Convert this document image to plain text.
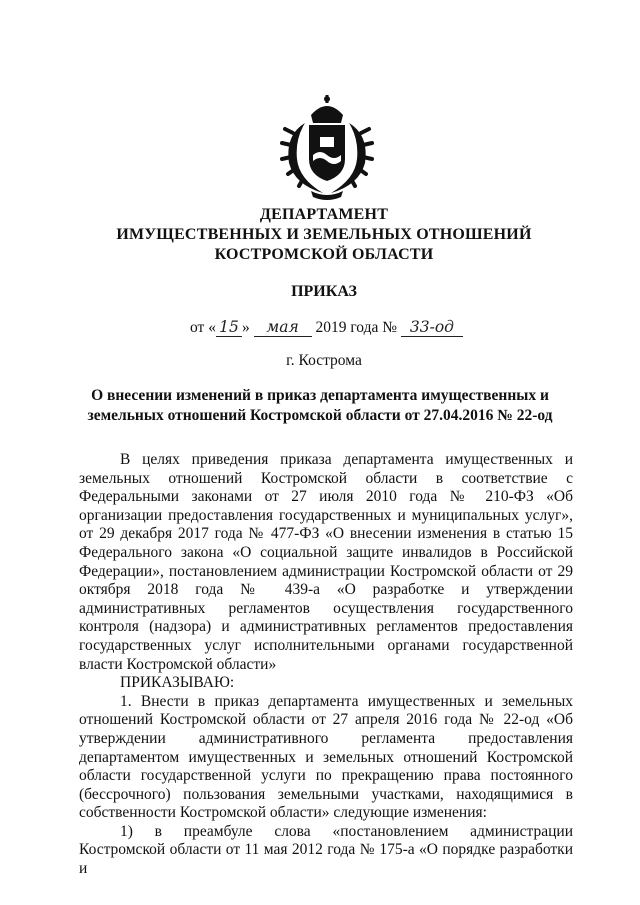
ДЕПАРТАМЕНТ
ИМУЩЕСТВЕННЫХ И ЗЕМЕЛЬНЫХ ОТНОШЕНИЙ
КОСТРОМСКОЙ ОБЛАСТИ
ПРИКАЗ
от « 15 » мая 2019 года № 33-од
г. Кострома
О внесении изменений в приказ департамента имущественных и земельных отношений Костромской области от 27.04.2016 № 22-од

В целях приведения приказа департамента имущественных и земельных отношений Костромской области в соответствие с Федеральными законами от 27 июля 2010 года № 210-ФЗ «Об организации предоставления государственных и муниципальных услуг», от 29 декабря 2017 года № 477-ФЗ «О внесении изменения в статью 15 Федерального закона «О социальной защите инвалидов в Российской Федерации», постановлением администрации Костромской области от 29 октября 2018 года № 439-а «О разработке и утверждении административных регламентов осуществления государственного контроля (надзора) и административных регламентов предоставления государственных услуг исполнительными органами государственной власти Костромской области»

ПРИКАЗЫВАЮ:

1. Внести в приказ департамента имущественных и земельных отношений Костромской области от 27 апреля 2016 года № 22-од «Об утверждении административного регламента предоставления департаментом имущественных и земельных отношений Костромской области государственной услуги по прекращению права постоянного (бессрочного) пользования земельными участками, находящимися в собственности Костромской области» следующие изменения:

1) в преамбуле слова «постановлением администрации Костромской области от 11 мая 2012 года № 175-а «О порядке разработки и
